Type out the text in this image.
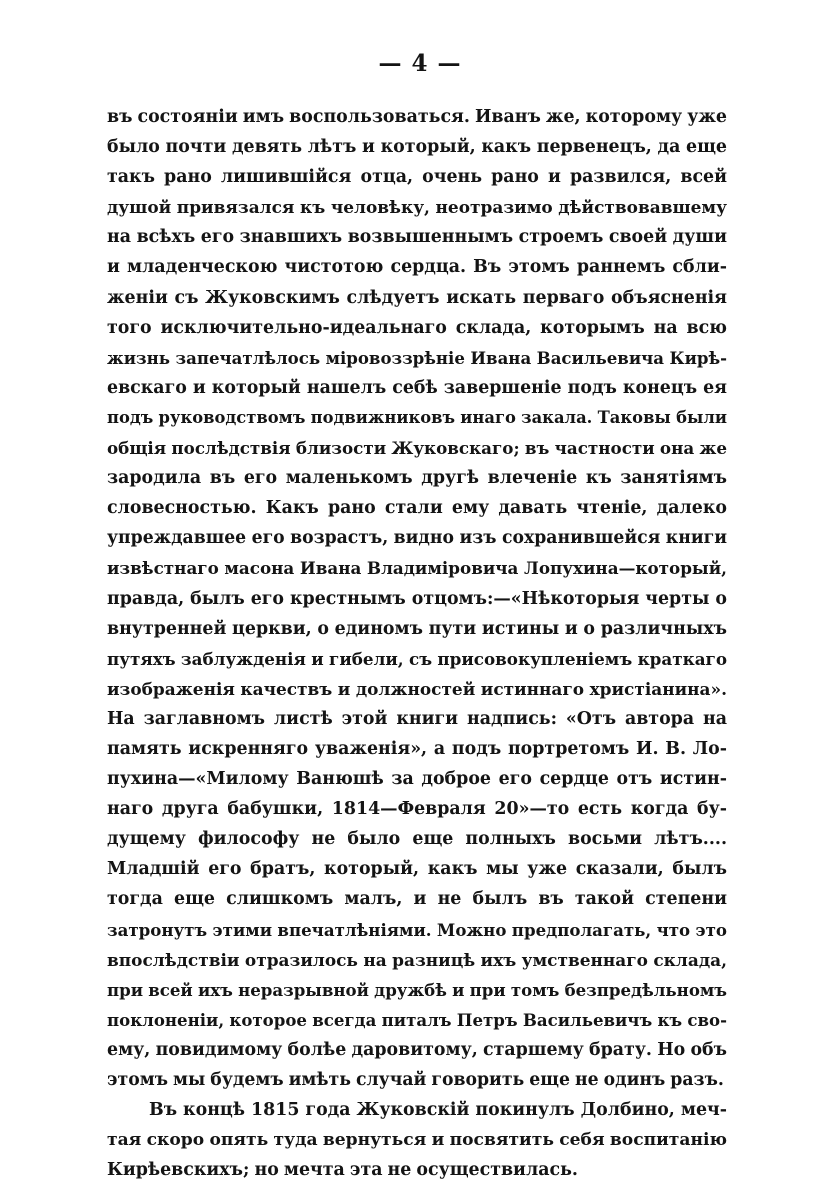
— 4 —

въ состоянiи имъ воспользоваться. Иванъ же, которому уже
было почти девять лѣтъ и который, какъ первенецъ, да еще
такъ рано лишившiйся отца, очень рано и развился, всей
душой привязался къ человѣку, неотразимо дѣйствовавшему
на всѣхъ его знавшихъ возвышеннымъ строемъ своей души
и младенческою чистотою сердца. Въ этомъ раннемъ сбли-
женiи съ Жуковскимъ слѣдуетъ искать перваго объясненiя
того исключительно-идеальнаго склада, которымъ на всю
жизнь запечатлѣлось мiровоззрѣнiе Ивана Васильевича Кирѣ-
евскаго и который нашелъ себѣ завершенiе подъ конецъ ея
подъ руководствомъ подвижниковъ инаго закала. Таковы были
общiя послѣдствiя близости Жуковскаго; въ частности она же
зародила въ его маленькомъ другѣ влеченiе къ занятiямъ
словесностью. Какъ рано стали ему давать чтенiе, далеко
упреждавшее его возрастъ, видно изъ сохранившейся книги
извѣстнаго масона Ивана Владимiровича Лопухина—который,
правда, былъ его крестнымъ отцомъ:—«Нѣкоторыя черты о
внутренней церкви, о единомъ пути истины и о различныхъ
путяхъ заблужденiя и гибели, съ присовокупленiемъ краткаго
изображенiя качествъ и должностей истиннаго христiанина».
На заглавномъ листѣ этой книги надпись: «Отъ автора на
память искренняго уваженiя», а подъ портретомъ И. В. Ло-
пухина—«Милому Ванюшѣ за доброе его сердце отъ истин-
наго друга бабушки, 1814—Февраля 20»—то есть когда бу-
дущему философу не было еще полныхъ восьми лѣтъ....
Младшiй его братъ, который, какъ мы уже сказали, былъ
тогда еще слишкомъ малъ, и не былъ въ такой степени
затронутъ этими впечатлѣнiями. Можно предполагать, что это
впослѣдствiи отразилось на разницѣ ихъ умственнаго склада,
при всей ихъ неразрывной дружбѣ и при томъ безпредѣльномъ
поклоненiи, которое всегда питалъ Петръ Васильевичъ къ сво-
ему, повидимому болѣе даровитому, старшему брату. Но объ
этомъ мы будемъ имѣть случай говорить еще не одинъ разъ.

Въ концѣ 1815 года Жуковскiй покинулъ Долбино, меч-
тая скоро опять туда вернуться и посвятить себя воспитанiю
Кирѣевскихъ; но мечта эта не осуществилась.
